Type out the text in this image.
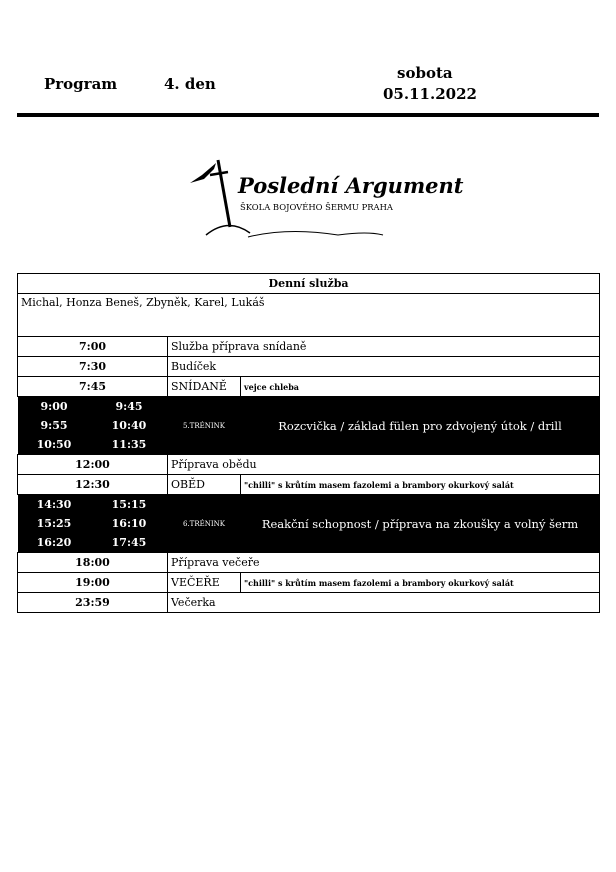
Program	4. den
sobota
05.11.2022
Poslední Argument
ŠKOLA BOJOVÉHO ŠERMU PRAHA
Denní služba			
Michal, Honza Beneš, Zbyněk, Karel, Lukáš			
7:00		Služba příprava snídaně	
7:30		Budíček	
7:45		SNÍDANĚ	vejce chleba
9:00	9:45	5.TRÉNINK	Rozcvička / základ fülen pro zdvojený útok / drill
9:55	10:40		
10:50	11:35		
12:00		Příprava obědu	
12:30		OBĚD	"chilli" s krůtím masem fazolemi a brambory okurkový salát
14:30	15:15	6.TRÉNINK	Reakční schopnost / příprava na zkoušky a volný šerm
15:25	16:10		
16:20	17:45		
18:00		Příprava večeře	
19:00		VEČEŘE	"chilli" s krůtím masem fazolemi a brambory okurkový salát
23:59		Večerka	
